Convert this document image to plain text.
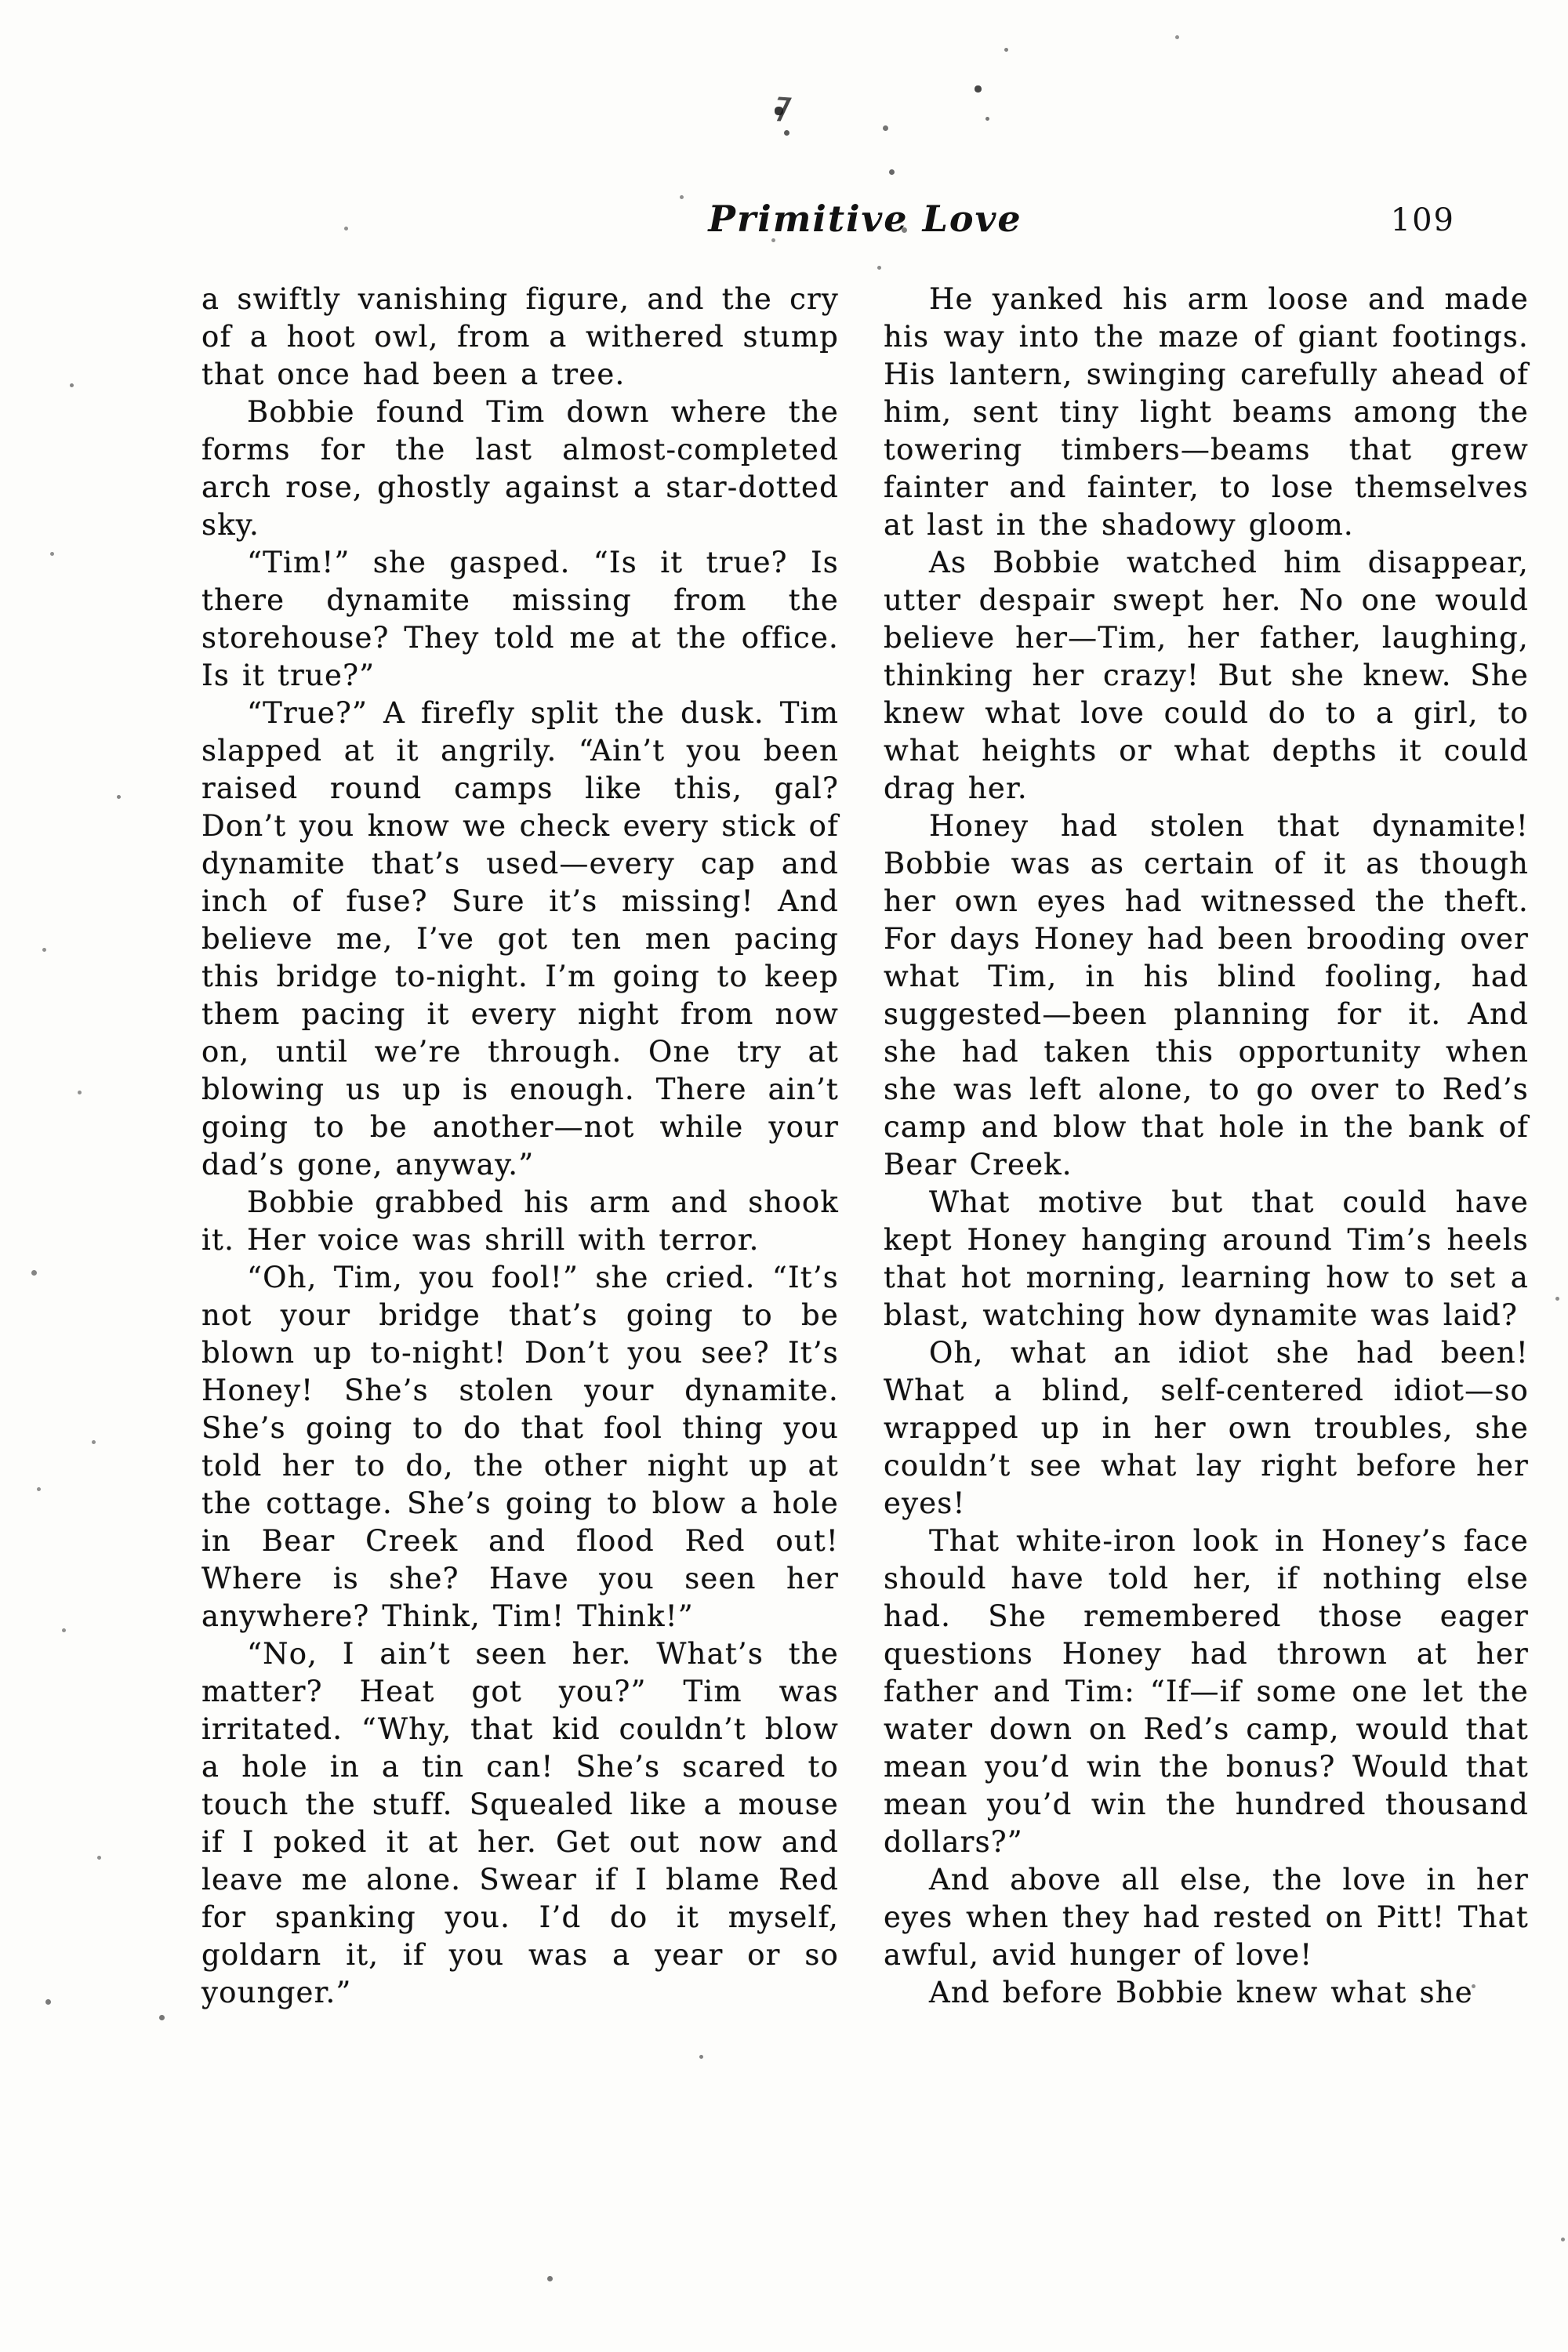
Primitive Love	109

a swiftly vanishing figure, and the cry of a hoot owl, from a withered stump that once had been a tree.

Bobbie found Tim down where the forms for the last almost-completed arch rose, ghostly against a star-dotted sky.

“Tim!” she gasped. “Is it true? Is there dynamite missing from the storehouse? They told me at the office. Is it true?”

“True?” A firefly split the dusk. Tim slapped at it angrily. “Ain’t you been raised round camps like this, gal? Don’t you know we check every stick of dynamite that’s used—every cap and inch of fuse? Sure it’s missing! And believe me, I’ve got ten men pacing this bridge to-night. I’m going to keep them pacing it every night from now on, until we’re through. One try at blowing us up is enough. There ain’t going to be another—not while your dad’s gone, anyway.”

Bobbie grabbed his arm and shook it. Her voice was shrill with terror.

“Oh, Tim, you fool!” she cried. “It’s not your bridge that’s going to be blown up to-night! Don’t you see? It’s Honey! She’s stolen your dynamite. She’s going to do that fool thing you told her to do, the other night up at the cottage. She’s going to blow a hole in Bear Creek and flood Red out! Where is she? Have you seen her anywhere? Think, Tim! Think!”

“No, I ain’t seen her. What’s the matter? Heat got you?” Tim was irritated. “Why, that kid couldn’t blow a hole in a tin can! She’s scared to touch the stuff. Squealed like a mouse if I poked it at her. Get out now and leave me alone. Swear if I blame Red for spanking you. I’d do it myself, goldarn it, if you was a year or so younger.”

He yanked his arm loose and made his way into the maze of giant footings. His lantern, swinging carefully ahead of him, sent tiny light beams among the towering timbers—beams that grew fainter and fainter, to lose themselves at last in the shadowy gloom.

As Bobbie watched him disappear, utter despair swept her. No one would believe her—Tim, her father, laughing, thinking her crazy! But she knew. She knew what love could do to a girl, to what heights or what depths it could drag her.

Honey had stolen that dynamite! Bobbie was as certain of it as though her own eyes had witnessed the theft. For days Honey had been brooding over what Tim, in his blind fooling, had suggested—been planning for it. And she had taken this opportunity when she was left alone, to go over to Red’s camp and blow that hole in the bank of Bear Creek.

What motive but that could have kept Honey hanging around Tim’s heels that hot morning, learning how to set a blast, watching how dynamite was laid?

Oh, what an idiot she had been! What a blind, self-centered idiot—so wrapped up in her own troubles, she couldn’t see what lay right before her eyes!

That white-iron look in Honey’s face should have told her, if nothing else had. She remembered those eager questions Honey had thrown at her father and Tim: “If—if some one let the water down on Red’s camp, would that mean you’d win the bonus? Would that mean you’d win the hundred thousand dollars?”

And above all else, the love in her eyes when they had rested on Pitt! That awful, avid hunger of love!

And before Bobbie knew what she
